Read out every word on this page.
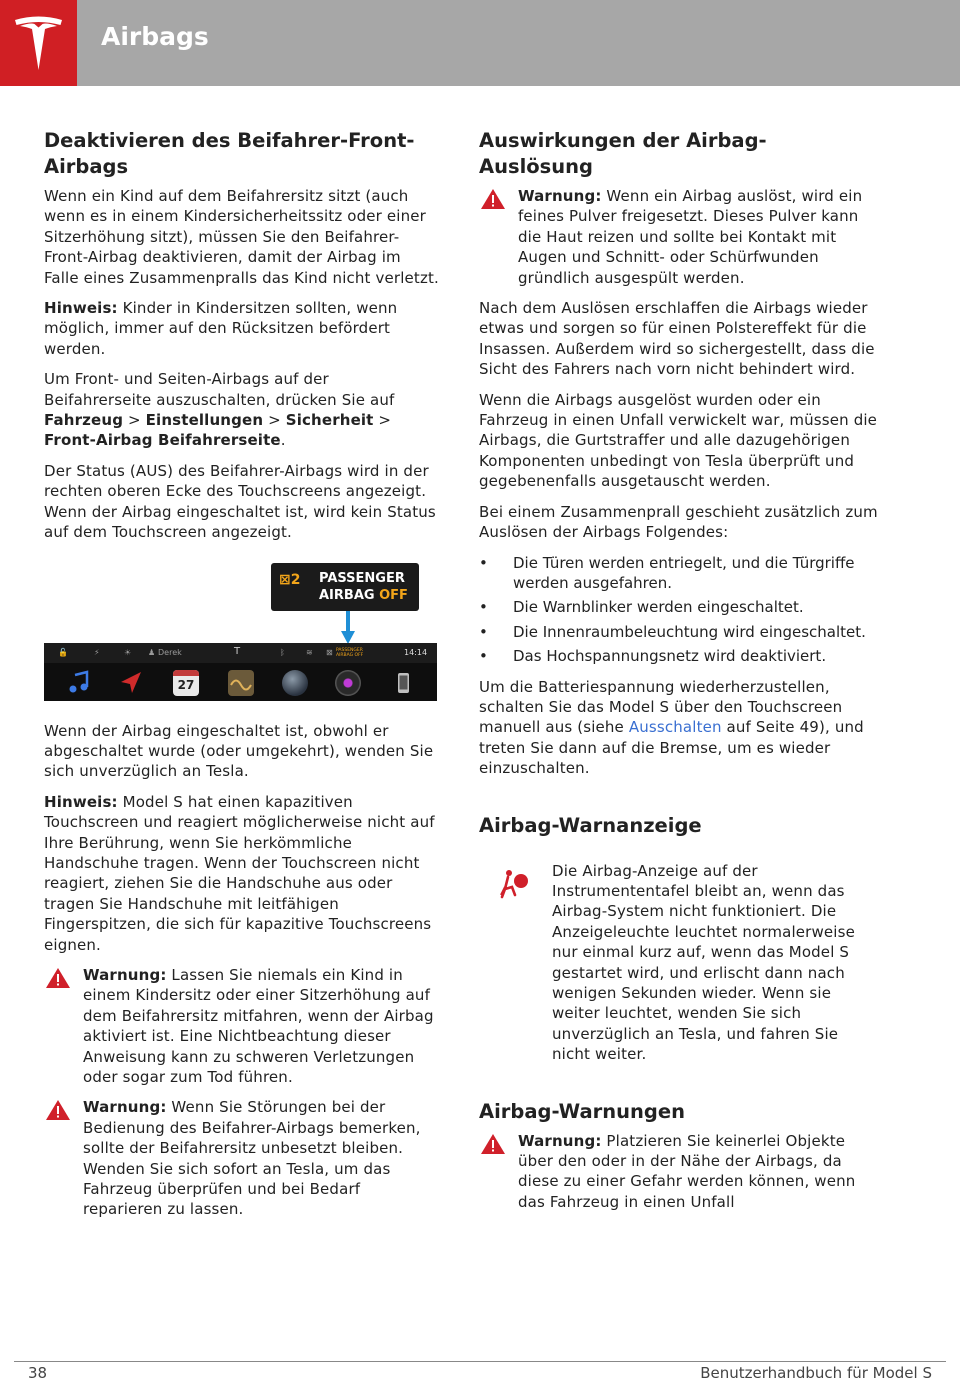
Airbags
Deaktivieren des Beifahrer-Front-
Airbags

Wenn ein Kind auf dem Beifahrersitz sitzt (auch wenn es in einem Kindersicherheitssitz oder einer Sitzerhöhung sitzt), müssen Sie den Beifahrer-Front-Airbag deaktivieren, damit der Airbag im Falle eines Zusammenpralls das Kind nicht verletzt.

Hinweis: Kinder in Kindersitzen sollten, wenn möglich, immer auf den Rücksitzen befördert werden.

Um Front- und Seiten-Airbags auf der Beifahrerseite auszuschalten, drücken Sie auf Fahrzeug > Einstellungen > Sicherheit > Front-Airbag Beifahrerseite.

Der Status (AUS) des Beifahrer-Airbags wird in der rechten oberen Ecke des Touchscreens angezeigt. Wenn der Airbag eingeschaltet ist, wird kein Status auf dem Touchscreen angezeigt.

⊠2 PASSENGER
AIRBAG OFF
🔓	⚡	☀ ♟ Derek	T	ᛒ	≋ ⊠ PASSENGER AIRBAG OFF	14:14
27

Wenn der Airbag eingeschaltet ist, obwohl er abgeschaltet wurde (oder umgekehrt), wenden Sie sich unverzüglich an Tesla.

Hinweis: Model S hat einen kapazitiven Touchscreen und reagiert möglicherweise nicht auf Ihre Berührung, wenn Sie herkömmliche Handschuhe tragen. Wenn der Touchscreen nicht reagiert, ziehen Sie die Handschuhe aus oder tragen Sie Handschuhe mit leitfähigen Fingerspitzen, die sich für kapazitive Touchscreens eignen.

Warnung: Lassen Sie niemals ein Kind in einem Kindersitz oder einer Sitzerhöhung auf dem Beifahrersitz mitfahren, wenn der Airbag aktiviert ist. Eine Nichtbeachtung dieser Anweisung kann zu schweren Verletzungen oder sogar zum Tod führen.

Warnung: Wenn Sie Störungen bei der Bedienung des Beifahrer-Airbags bemerken, sollte der Beifahrersitz unbesetzt bleiben. Wenden Sie sich sofort an Tesla, um das Fahrzeug überprüfen und bei Bedarf reparieren zu lassen.

Auswirkungen der Airbag-
Auslösung

Warnung: Wenn ein Airbag auslöst, wird ein feines Pulver freigesetzt. Dieses Pulver kann die Haut reizen und sollte bei Kontakt mit Augen und Schnitt- oder Schürfwunden gründlich ausgespült werden.

Nach dem Auslösen erschlaffen die Airbags wieder etwas und sorgen so für einen Polstereffekt für die Insassen. Außerdem wird so sichergestellt, dass die Sicht des Fahrers nach vorn nicht behindert wird.

Wenn die Airbags ausgelöst wurden oder ein Fahrzeug in einen Unfall verwickelt war, müssen die Airbags, die Gurtstraffer und alle dazugehörigen Komponenten unbedingt von Tesla überprüft und gegebenenfalls ausgetauscht werden.

Bei einem Zusammenprall geschieht zusätzlich zum Auslösen der Airbags Folgendes:

• Die Türen werden entriegelt, und die Türgriffe werden ausgefahren.
• Die Warnblinker werden eingeschaltet.
• Die Innenraumbeleuchtung wird eingeschaltet.
• Das Hochspannungsnetz wird deaktiviert.

Um die Batteriespannung wiederherzustellen, schalten Sie das Model S über den Touchscreen manuell aus (siehe Ausschalten auf Seite 49), und treten Sie dann auf die Bremse, um es wieder einzuschalten.

Airbag-Warnanzeige

Die Airbag-Anzeige auf der Instrumententafel bleibt an, wenn das Airbag-System nicht funktioniert. Die Anzeigeleuchte leuchtet normalerweise nur einmal kurz auf, wenn das Model S gestartet wird, und erlischt dann nach wenigen Sekunden wieder. Wenn sie weiter leuchtet, wenden Sie sich unverzüglich an Tesla, und fahren Sie nicht weiter.

Airbag-Warnungen

Warnung: Platzieren Sie keinerlei Objekte über den oder in der Nähe der Airbags, da diese zu einer Gefahr werden können, wenn das Fahrzeug in einen Unfall

38	Benutzerhandbuch für Model S
